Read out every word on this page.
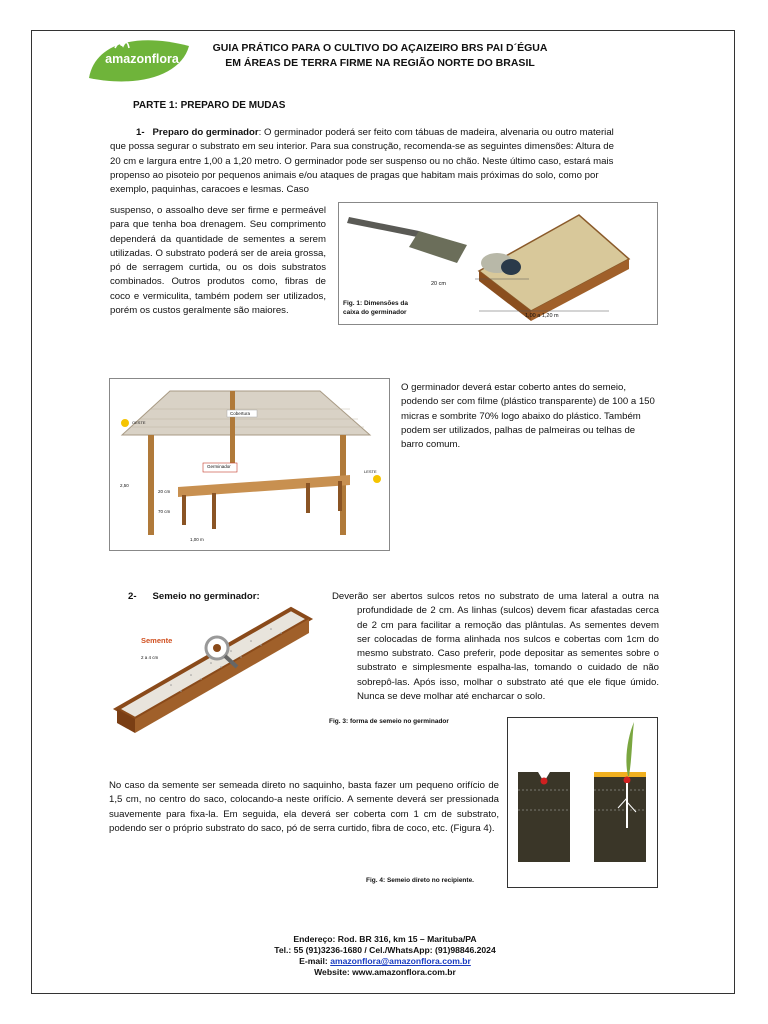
amazonflora
GUIA PRÁTICO PARA O CULTIVO DO AÇAIZEIRO BRS PAI D´ÉGUA
EM ÁREAS DE TERRA FIRME NA REGIÃO NORTE DO BRASIL
PARTE 1: PREPARO DE MUDAS
1- Preparo do germinador: O germinador poderá ser feito com tábuas de madeira, alvenaria ou outro material
que possa segurar o substrato em seu interior. Para sua construção, recomenda-se as seguintes dimensões: Altura de
20 cm e largura entre 1,00 a 1,20 metro. O germinador pode ser suspenso ou no chão. Neste último caso, estará mais
propenso ao pisoteio por pequenos animais e/ou ataques de pragas que habitam mais próximas do solo, como por
exemplo, paquinhas, caracoes e lesmas. Caso
suspenso, o assoalho deve ser firme e permeável para que tenha boa drenagem. Seu comprimento dependerá da quantidade de sementes a serem utilizadas. O substrato poderá ser de areia grossa, pó de serragem curtida, ou os dois substratos combinados. Outros produtos como, fibras de coco e vermiculita, também podem ser utilizados, porém os custos geralmente são maiores.
20 cm
1,00 a 1,20 m
Fig. 1: Dimensões da caixa do germinador
Cobertura
Germinador
OESTE
LESTE
2,50
20 cm
70 cm
1,00 m
O germinador deverá estar coberto antes do semeio, podendo ser com filme (plástico transparente) de 100 a 150 micras e sombrite 70% logo abaixo do plástico. Também podem ser utilizados, palhas de palmeiras ou telhas de barro comum.
2- Semeio no germinador:	Deverão ser abertos sulcos retos no substrato de uma lateral a outra na profundidade de 2 cm. As linhas (sulcos) devem ficar afastadas cerca de 2 cm para facilitar a remoção das plântulas. As sementes devem ser colocadas de forma alinhada nos sulcos e cobertas com 1cm do mesmo substrato. Caso preferir, pode depositar as sementes sobre o substrato e simplesmente espalha-las, tomando o cuidado de não sobrepô-las. Após isso, molhar o substrato até que ele fique úmido. Nunca se deve molhar até encharcar o solo.
Semente
2 a 4 cm
Fig. 3: forma de semeio no germinador
No caso da semente ser semeada direto no saquinho, basta fazer um pequeno orifício de 1,5 cm, no centro do saco, colocando-a neste orifício. A semente deverá ser pressionada suavemente para fixa-la. Em seguida, ela deverá ser coberta com 1 cm de substrato, podendo ser o próprio substrato do saco, pó de serra curtido, fibra de coco, etc. (Figura 4).
Fig. 4: Semeio direto no recipiente.
Endereço: Rod. BR 316, km 15 – Marituba/PA
Tel.: 55 (91)3236-1680 / Cel./WhatsApp: (91)98846.2024
E-mail: amazonflora@amazonflora.com.br
Website: www.amazonflora.com.br
